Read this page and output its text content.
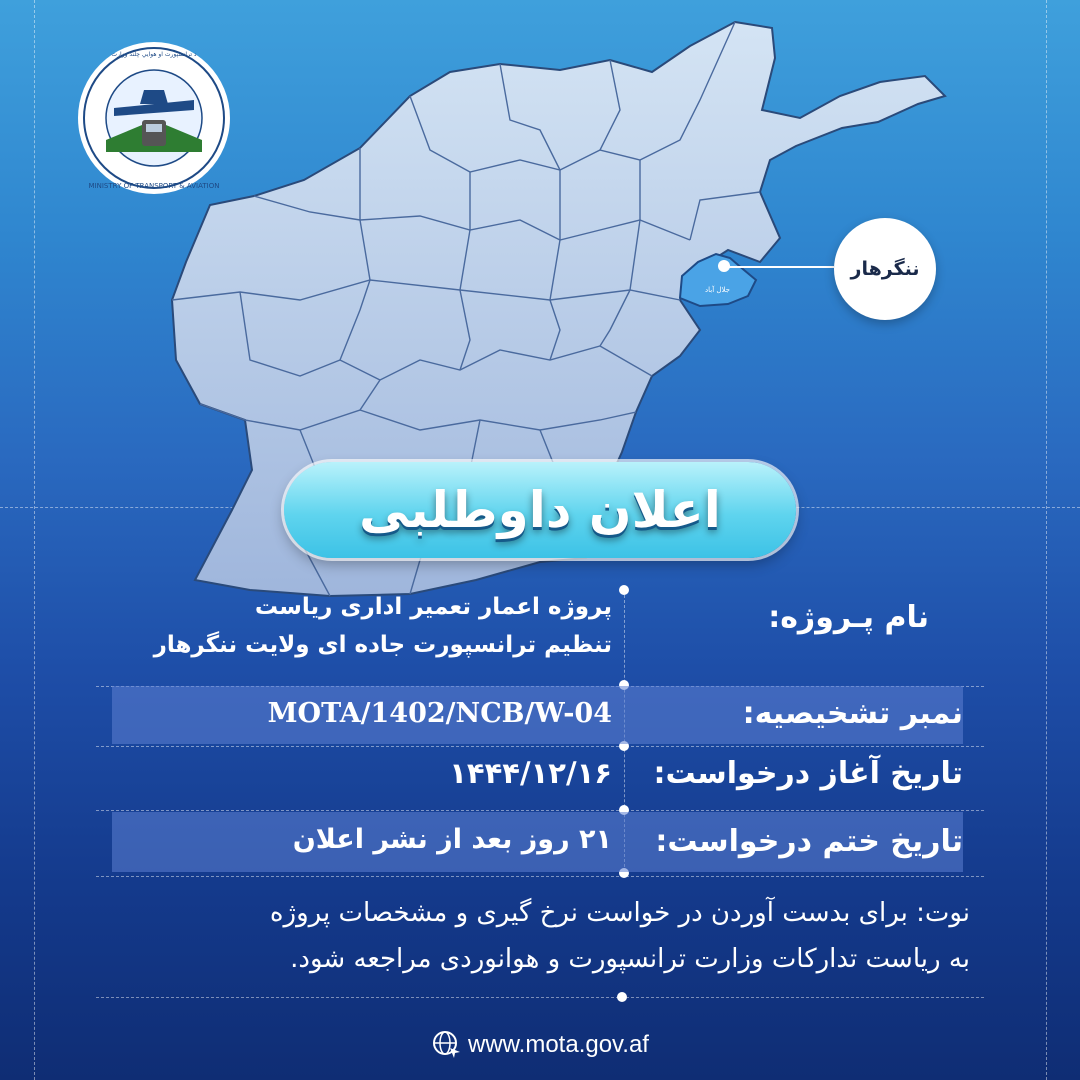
جلال آباد
MINISTRY OF TRANSPORT & AVIATION
د ترانسپورت او هوایي چلند وزارت
ننگرهار
اعلان داوطلبی
نام پـروژه:
پروژه اعمار تعمیر اداری ریاست
تنظیم ترانسپورت جاده ای ولایت ننگرهار
نمبر تشخیصیه:
MOTA/1402/NCB/W-04
تاریخ آغاز درخواست:
۱۴۴۴/۱۲/۱۶
تاریخ ختم درخواست:
۲۱ روز بعد از نشر اعلان
نوت: برای بدست آوردن در خواست نرخ گیری و مشخصات پروژه
به ریاست تدارکات وزارت ترانسپورت و هوانوردی مراجعه شود.
www.mota.gov.af
